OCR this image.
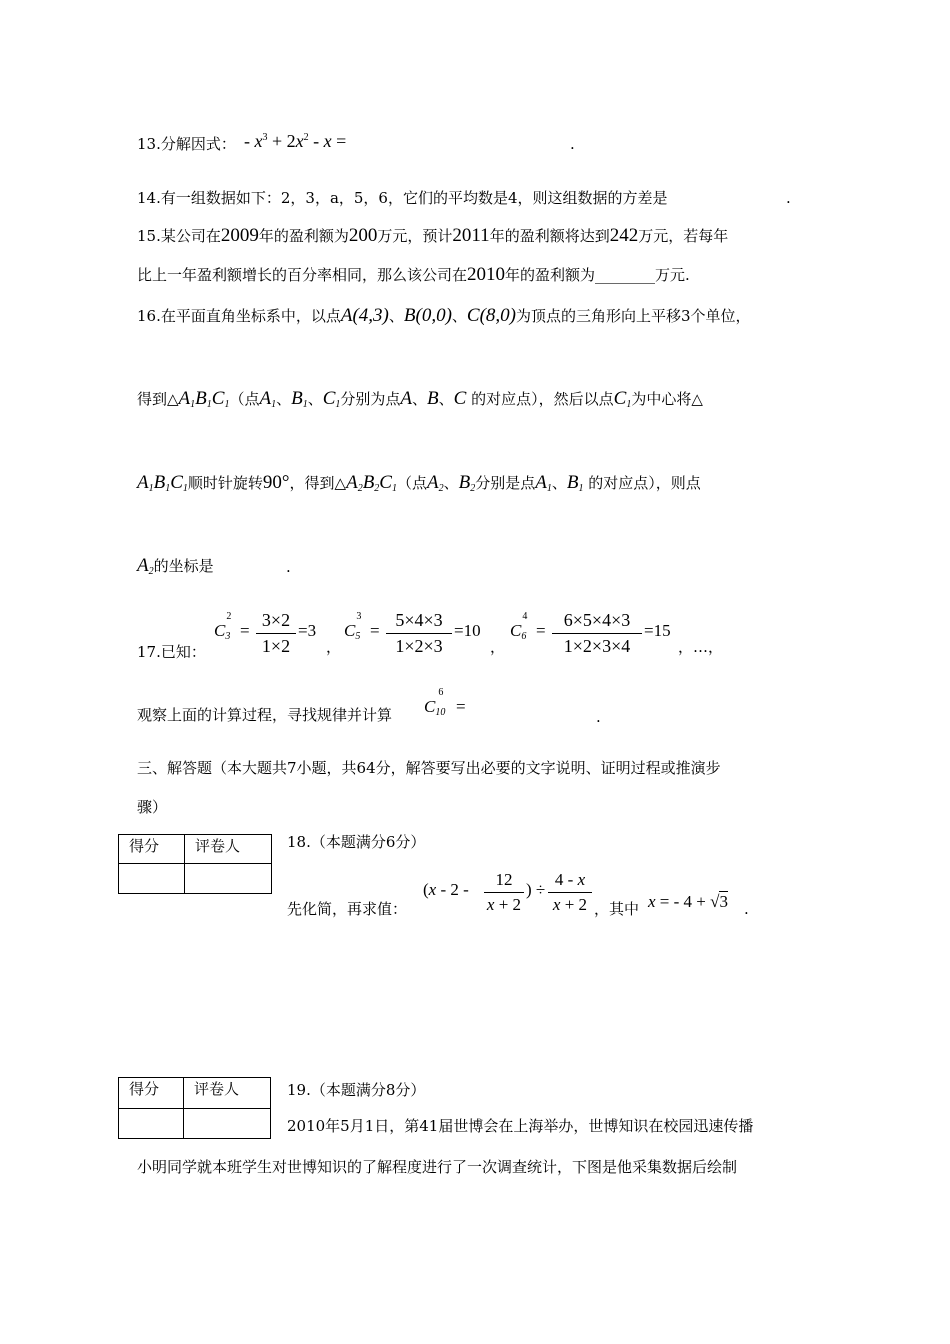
13.分解因式： - $x^3 + 2x^2 - x$ =	.
14.有一组数据如下：2，3，a，5，6，它们的平均数是4，则这组数据的方差是	.
15.某公司在2009年的盈利额为200万元，预计2011年的盈利额将达到242万元，若每年
比上一年盈利额增长的百分率相同，那么该公司在2010年的盈利额为________万元.
16.在平面直角坐标系中，以点A(4,3)、B(0,0)、C(8,0)为顶点的三角形向上平移3个单位，
得到$\triangle A_1B_1C_1$（点$A_1$、$B_1$、$C_1$分别为点A、B、C 的对应点），然后以点$C_1$为中心将△
$A_1B_1C_1$顺时针旋转90°，得到$\triangle A_2B_2C_1$（点$A_2$、$B_2$分别是点$A_1$、$B_1$ 的对应点），则点
$A_2$的坐标是	.
17.已知：
$C_3$
2
=
3×2
1×2
=3
，
$C_5$
3
=
5×4×3
1×2×3
=10
，
$C_6$
4
=
6×5×4×3
1×2×3×4
=15
，…，
观察上面的计算过程，寻找规律并计算 $C_{10}$
6
=
.
三、解答题（本大题共7小题，共64分，解答要写出必要的文字说明、证明过程或推演步
骤）
得分	评卷人
		18.（本题满分6分）
先化简，再求值：
(x - 2 -
12
x + 2
) ÷
4 - x
x + 2 ，其中 x = - 4 + √3 .
得分	评卷人
		19.（本题满分8分）
2010年5月1日，第41届世博会在上海举办，世博知识在校园迅速传播
小明同学就本班学生对世博知识的了解程度进行了一次调查统计，下图是他采集数据后绘制
